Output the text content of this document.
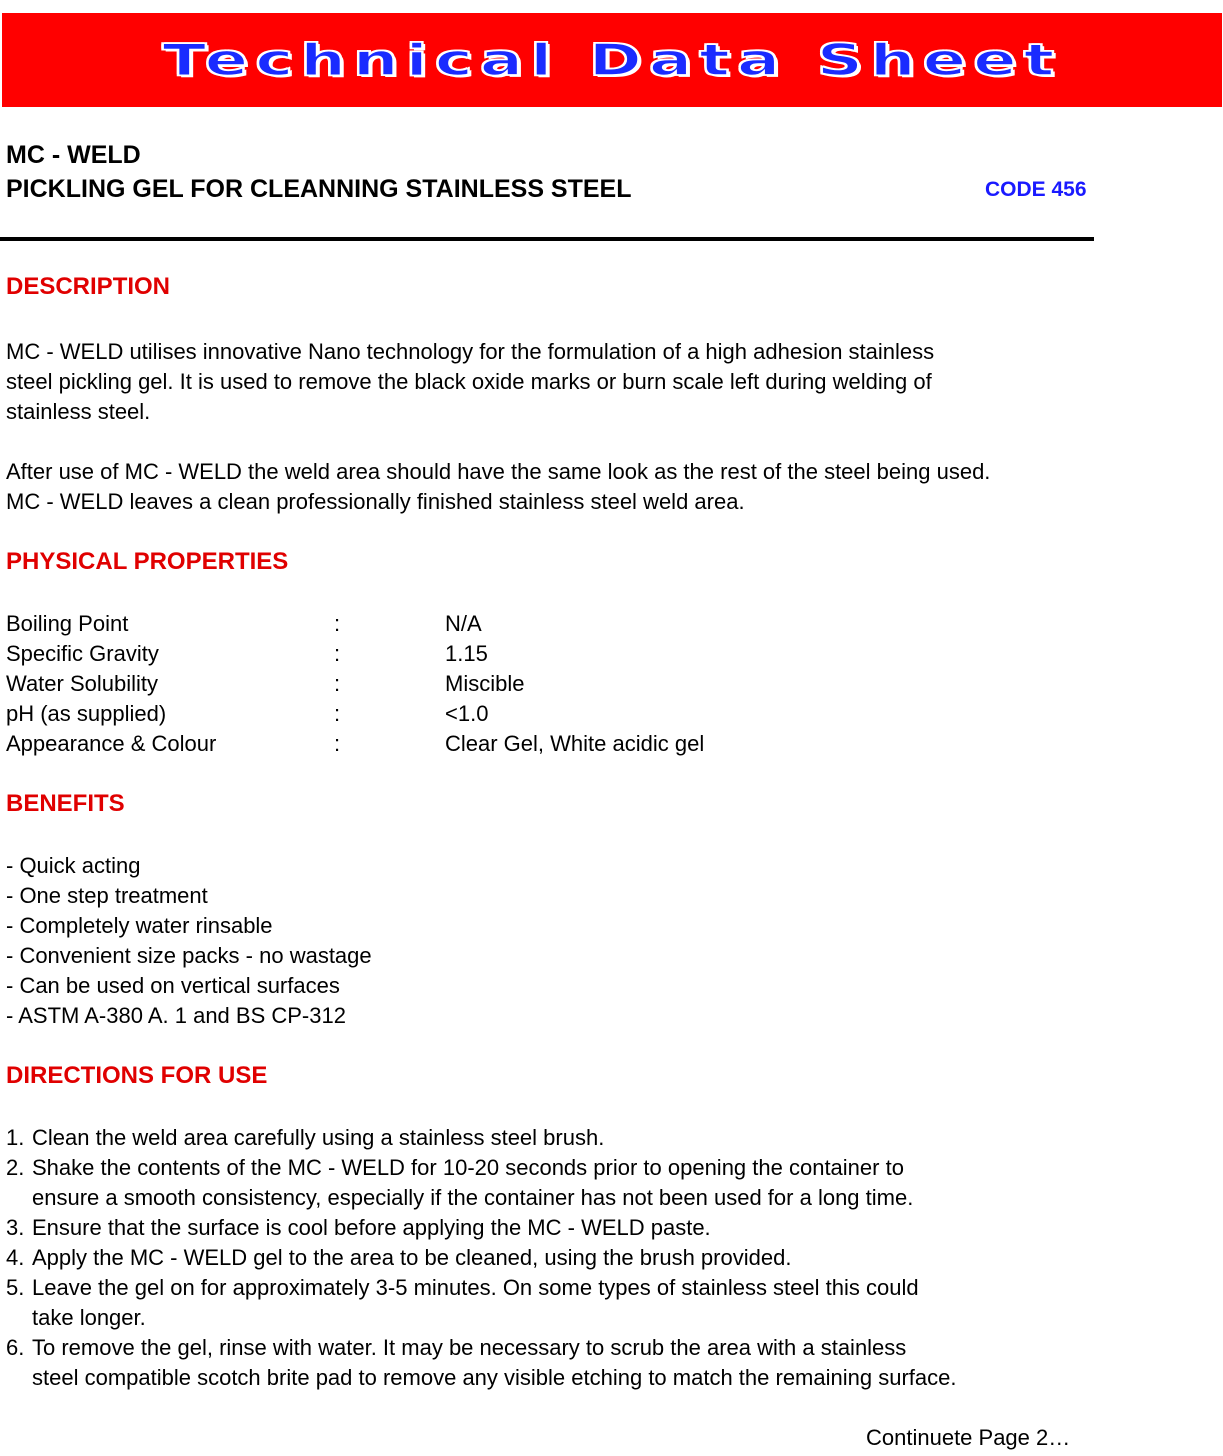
Technical Data Sheet
MC - WELD
PICKLING GEL FOR CLEANNING STAINLESS STEEL	CODE 456
DESCRIPTION
MC - WELD utilises innovative Nano technology for the formulation of a high adhesion stainless
steel pickling gel. It is used to remove the black oxide marks or burn scale left during welding of
stainless steel.
After use of MC - WELD the weld area should have the same look as the rest of the steel being used.
MC - WELD leaves a clean professionally finished stainless steel weld area.
PHYSICAL PROPERTIES
Boiling Point	:	N/A
Specific Gravity	:	1.15
Water Solubility	:	Miscible
pH (as supplied)	:	<1.0
Appearance & Colour	:	Clear Gel, White acidic gel
BENEFITS
- Quick acting
- One step treatment
- Completely water rinsable
- Convenient size packs - no wastage
- Can be used on vertical surfaces
- ASTM A-380 A. 1 and BS CP-312
DIRECTIONS FOR USE
1. Clean the weld area carefully using a stainless steel brush.
2. Shake the contents of the MC - WELD for 10-20 seconds prior to opening the container to
ensure a smooth consistency, especially if the container has not been used for a long time.
3. Ensure that the surface is cool before applying the MC - WELD paste.
4. Apply the MC - WELD gel to the area to be cleaned, using the brush provided.
5. Leave the gel on for approximately 3-5 minutes. On some types of stainless steel this could
take longer.
6. To remove the gel, rinse with water. It may be necessary to scrub the area with a stainless
steel compatible scotch brite pad to remove any visible etching to match the remaining surface.
Continuete Page 2…
